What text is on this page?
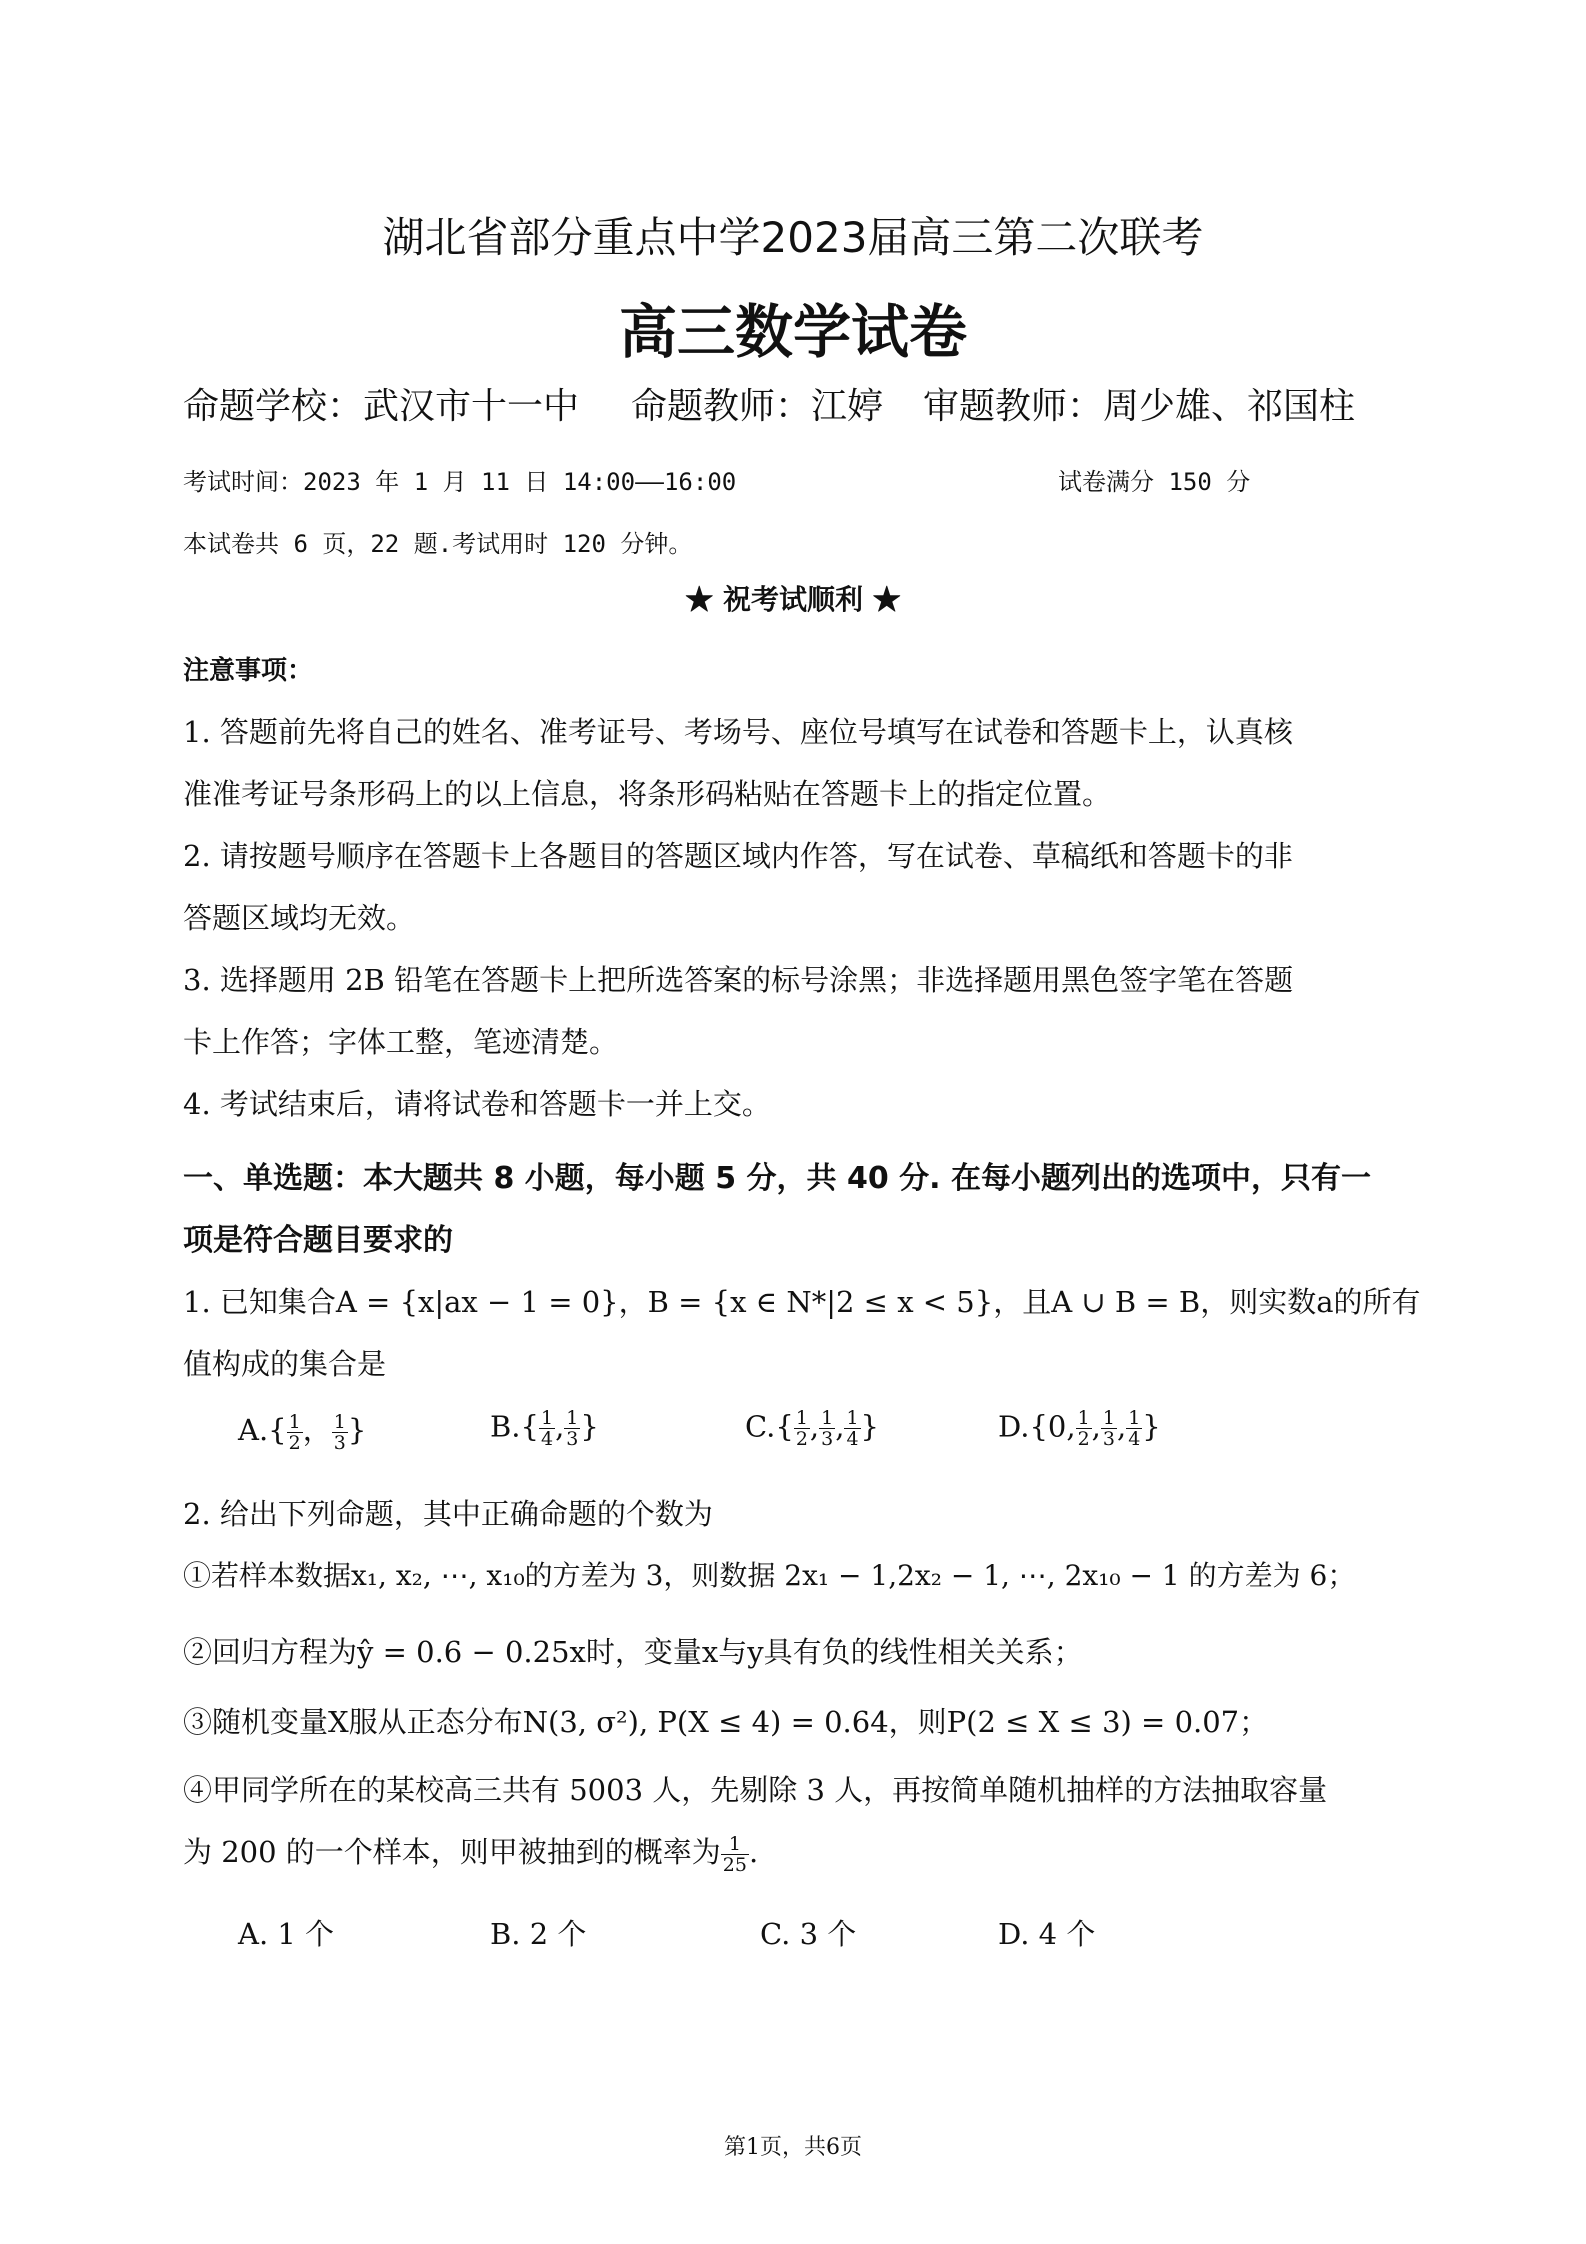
湖北省部分重点中学2023届高三第二次联考
高三数学试卷
命题学校：武汉市十一中 命题教师：江婷 审题教师：周少雄、祁国柱
考试时间：2023 年 1 月 11 日 14:00——16:00	试卷满分 150 分
本试卷共 6 页，22 题.考试用时 120 分钟。
★ 祝考试顺利 ★
注意事项：
1. 答题前先将自己的姓名、准考证号、考场号、座位号填写在试卷和答题卡上，认真核
准准考证号条形码上的以上信息，将条形码粘贴在答题卡上的指定位置。
2. 请按题号顺序在答题卡上各题目的答题区域内作答，写在试卷、草稿纸和答题卡的非
答题区域均无效。
3. 选择题用 2B 铅笔在答题卡上把所选答案的标号涂黑；非选择题用黑色签字笔在答题
卡上作答；字体工整，笔迹清楚。
4. 考试结束后，请将试卷和答题卡一并上交。
一、单选题：本大题共 8 小题，每小题 5 分，共 40 分. 在每小题列出的选项中，只有一
项是符合题目要求的
1. 已知集合A = {x|ax − 1 = 0}，B = {x ∈ N*|2 ≤ x < 5}，且A ∪ B = B，则实数a的所有
值构成的集合是
$A.\{ \frac{1}{2}$ ， $\frac{1}{3}$ }	$B.\{ \frac{1}{4}$ , $\frac{1}{3}$ }	$C.\{ \frac{1}{2}$ , $\frac{1}{3}$ , $\frac{1}{4}$ }	D.{0, $\frac{1}{2}$ , $\frac{1}{3}$ , $\frac{1}{4}$ }
2. 给出下列命题，其中正确命题的个数为
①若样本数据x₁, x₂, ⋯, x₁₀的方差为 3，则数据 2x₁ − 1,2x₂ − 1, ⋯, 2x₁₀ − 1 的方差为 6；
②回归方程为ŷ = 0.6 − 0.25x时，变量x与y具有负的线性相关关系；
③随机变量X服从正态分布N(3, σ²), P(X ≤ 4) = 0.64，则P(2 ≤ X ≤ 3) = 0.07；
④甲同学所在的某校高三共有 5003 人，先剔除 3 人，再按简单随机抽样的方法抽取容量
为 200 的一个样本，则甲被抽到的概率为 $\frac{1}{25}$ .
A. 1 个	B. 2 个	C. 3 个	D. 4 个
第1页，共6页
